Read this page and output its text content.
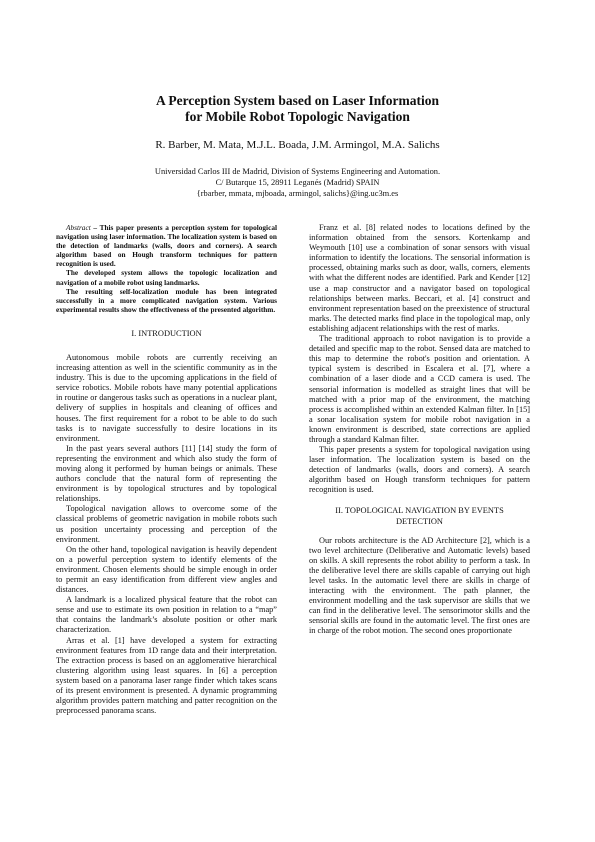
A Perception System based on Laser Information
for Mobile Robot Topologic Navigation
R. Barber, M. Mata, M.J.L. Boada, J.M. Armingol, M.A. Salichs
Universidad Carlos III de Madrid, Division of Systems Engineering and Automation.
C/ Butarque 15, 28911 Leganés (Madrid) SPAIN
{rbarber, mmata, mjboada, armingol, salichs}@ing.uc3m.es

Abstract – This paper presents a perception system for topological navigation using laser information. The localization system is based on the detection of landmarks (walls, doors and corners). A search algorithm based on Hough transform techniques for pattern recognition is used.

The developed system allows the topologic localization and navigation of a mobile robot using landmarks.

The resulting self-localization module has been integrated successfully in a more complicated navigation system. Various experimental results show the effectiveness of the presented algorithm.

I. INTRODUCTION

Autonomous mobile robots are currently receiving an increasing attention as well in the scientific community as in the industry. This is due to the upcoming applications in the field of service robotics. Mobile robots have many potential applications in routine or dangerous tasks such as operations in a nuclear plant, delivery of supplies in hospitals and cleaning of offices and houses. The first requirement for a robot to be able to do such tasks is to navigate successfully to desire locations in its environment.

In the past years several authors [11] [14] study the form of representing the environment and which also study the form of moving along it performed by human beings or animals. These authors conclude that the natural form of representing the environment is by topological structures and by topological relationships.

Topological navigation allows to overcome some of the classical problems of geometric navigation in mobile robots such us position uncertainty processing and perception of the environment.

On the other hand, topological navigation is heavily dependent on a powerful perception system to identify elements of the environment. Chosen elements should be simple enough in order to permit an easy identification from different view angles and distances.

A landmark is a localized physical feature that the robot can sense and use to estimate its own position in relation to a “map” that contains the landmark’s absolute position or other mark characterization.

Arras et al. [1] have developed a system for extracting environment features from 1D range data and their interpretation. The extraction process is based on an agglomerative hierarchical clustering algorithm using least squares. In [6] a perception system based on a panorama laser range finder which takes scans of its present environment is presented. A dynamic programming algorithm provides pattern matching and patter recognition on the preprocessed panorama scans.

Franz et al. [8] related nodes to locations defined by the information obtained from the sensors. Kortenkamp and Weymouth [10] use a combination of sonar sensors with visual information to identify the locations. The sensorial information is processed, obtaining marks such as door, walls, corners, elements with what the different nodes are identified. Park and Kender [12] use a map constructor and a navigator based on topological relationships between marks. Beccari, et al. [4] construct and environment representation based on the preexistence of structural marks. The detected marks find place in the topological map, only establishing adjacent relationships with the rest of marks.

The traditional approach to robot navigation is to provide a detailed and specific map to the robot. Sensed data are matched to this map to determine the robot's position and orientation. A typical system is described in Escalera et al. [7], where a combination of a laser diode and a CCD camera is used. The sensorial information is modelled as straight lines that will be matched with a prior map of the environment, the matching process is accomplished within an extended Kalman filter. In [15] a sonar localisation system for mobile robot navigation in a known environment is described, state corrections are applied through a standard Kalman filter.

This paper presents a system for topological navigation using laser information. The localization system is based on the detection of landmarks (walls, doors and corners). A search algorithm based on Hough transform techniques for pattern recognition is used.

II. TOPOLOGICAL NAVIGATION BY EVENTS
DETECTION

Our robots architecture is the AD Architecture [2], which is a two level architecture (Deliberative and Automatic levels) based on skills. A skill represents the robot ability to perform a task. In the deliberative level there are skills capable of carrying out high level tasks. In the automatic level there are skills in charge of interacting with the environment. The path planner, the environment modelling and the task supervisor are skills that we can find in the deliberative level. The sensorimotor skills and the sensorial skills are found in the automatic level. The first ones are in charge of the robot motion. The second ones proportionate
